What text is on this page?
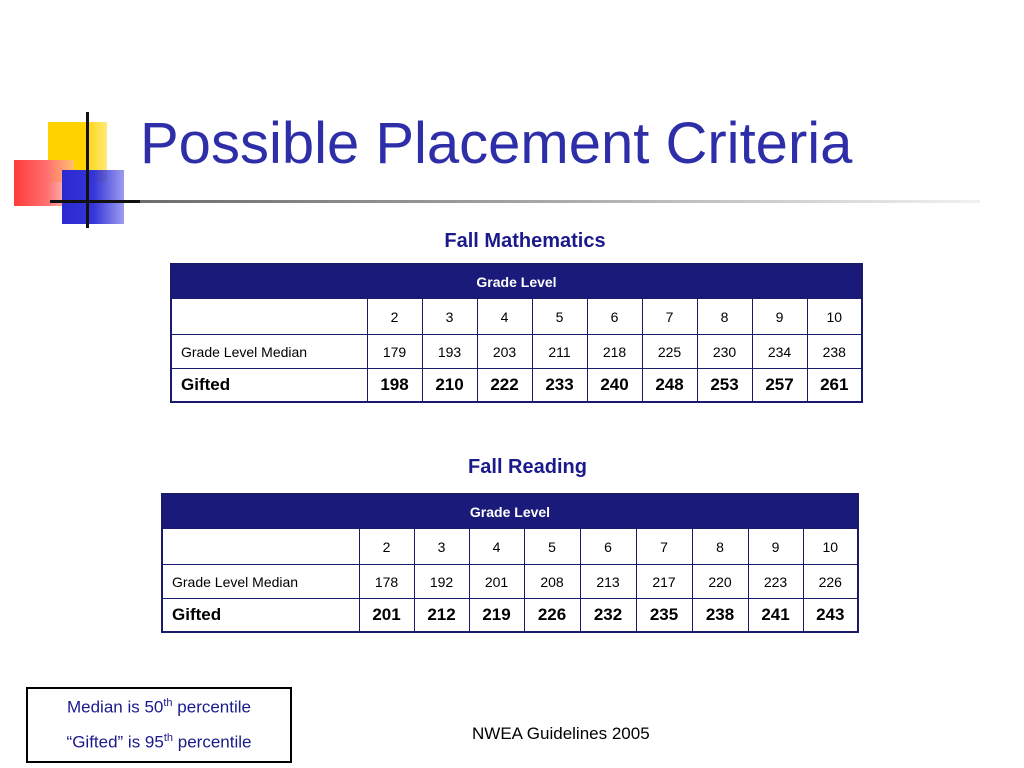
Possible Placement Criteria
Fall Mathematics
Grade Level									
	2	3	4	5	6	7	8	9	10
Grade Level Median	179	193	203	211	218	225	230	234	238
Gifted	198	210	222	233	240	248	253	257	261
Fall Reading
Grade Level									
	2	3	4	5	6	7	8	9	10
Grade Level Median	178	192	201	208	213	217	220	223	226
Gifted	201	212	219	226	232	235	238	241	243
Median is 50th percentile
“Gifted” is 95th percentile	NWEA Guidelines 2005
